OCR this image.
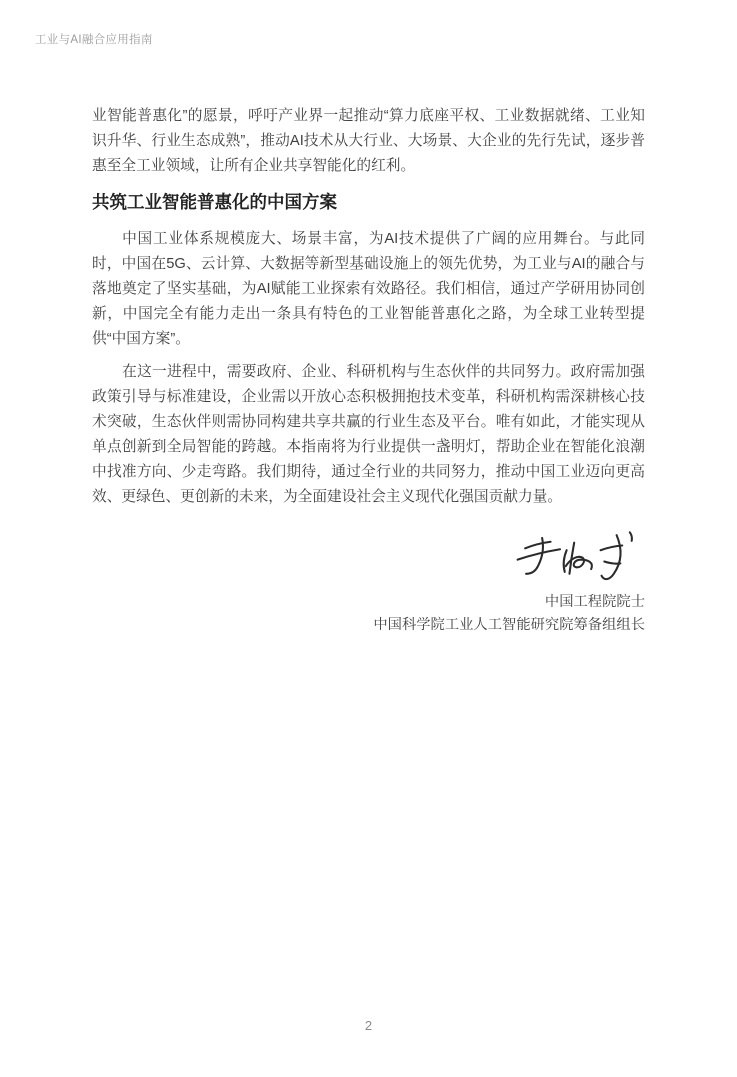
工业与AI融合应用指南

业智能普惠化”的愿景，呼吁产业界一起推动“算力底座平权、工业数据就绪、工业知识升华、行业生态成熟”，推动AI技术从大行业、大场景、大企业的先行先试，逐步普惠至全工业领域，让所有企业共享智能化的红利。

共筑工业智能普惠化的中国方案

中国工业体系规模庞大、场景丰富，为AI技术提供了广阔的应用舞台。与此同时，中国在5G、云计算、大数据等新型基础设施上的领先优势，为工业与AI的融合与落地奠定了坚实基础，为AI赋能工业探索有效路径。我们相信，通过产学研用协同创新，中国完全有能力走出一条具有特色的工业智能普惠化之路，为全球工业转型提供“中国方案”。

在这一进程中，需要政府、企业、科研机构与生态伙伴的共同努力。政府需加强政策引导与标准建设，企业需以开放心态积极拥抱技术变革，科研机构需深耕核心技术突破，生态伙伴则需协同构建共享共赢的行业生态及平台。唯有如此，才能实现从单点创新到全局智能的跨越。本指南将为行业提供一盏明灯，帮助企业在智能化浪潮中找准方向、少走弯路。我们期待，通过全行业的共同努力，推动中国工业迈向更高效、更绿色、更创新的未来，为全面建设社会主义现代化强国贡献力量。

中国工程院院士
中国科学院工业人工智能研究院筹备组组长
2
